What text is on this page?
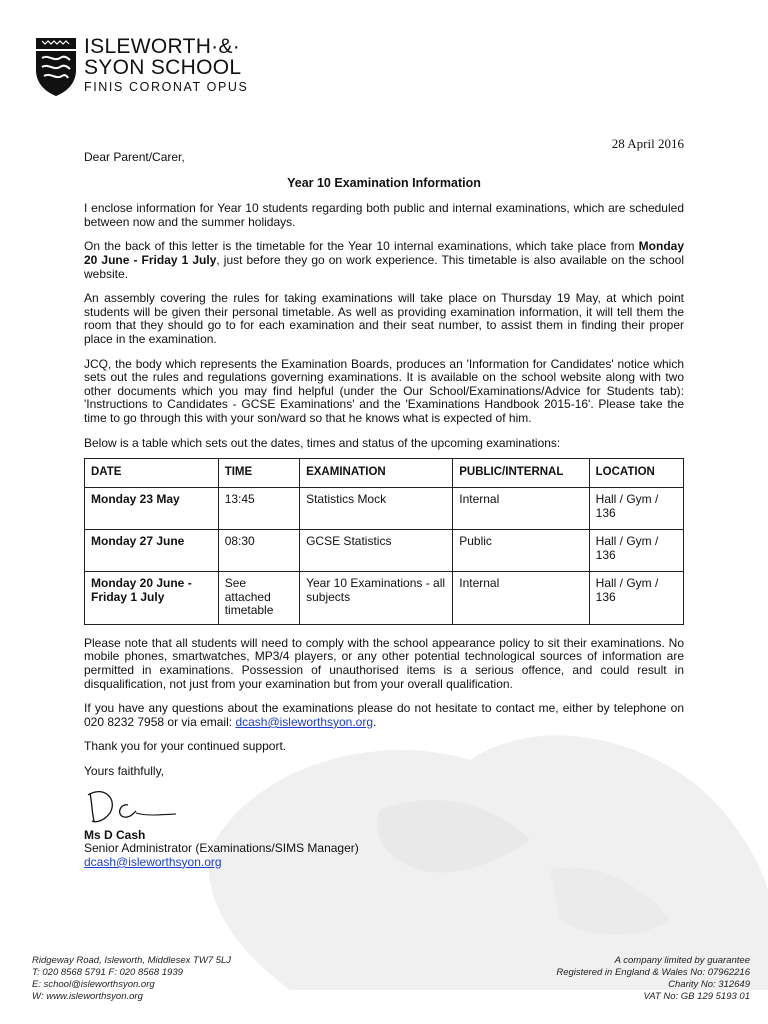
ISLEWORTH·&·
SYON SCHOOL
FINIS CORONAT OPUS
28 April 2016

Dear Parent/Carer,

Year 10 Examination Information

I enclose information for Year 10 students regarding both public and internal examinations, which are scheduled between now and the summer holidays.

On the back of this letter is the timetable for the Year 10 internal examinations, which take place from Monday 20 June - Friday 1 July, just before they go on work experience. This timetable is also available on the school website.

An assembly covering the rules for taking examinations will take place on Thursday 19 May, at which point students will be given their personal timetable. As well as providing examination information, it will tell them the room that they should go to for each examination and their seat number, to assist them in finding their proper place in the examination.

JCQ, the body which represents the Examination Boards, produces an 'Information for Candidates' notice which sets out the rules and regulations governing examinations. It is available on the school website along with two other documents which you may find helpful (under the Our School/Examinations/Advice for Students tab): 'Instructions to Candidates - GCSE Examinations' and the 'Examinations Handbook 2015-16'. Please take the time to go through this with your son/ward so that he knows what is expected of him.

Below is a table which sets out the dates, times and status of the upcoming examinations:

DATE	TIME	EXAMINATION	PUBLIC/INTERNAL	LOCATION
Monday 23 May	13:45	Statistics Mock	Internal	Hall / Gym / 136
Monday 27 June	08:30	GCSE Statistics	Public	Hall / Gym / 136
Monday 20 June - Friday 1 July	See attached timetable	Year 10 Examinations - all subjects	Internal	Hall / Gym / 136

Please note that all students will need to comply with the school appearance policy to sit their examinations. No mobile phones, smartwatches, MP3/4 players, or any other potential technological sources of information are permitted in examinations. Possession of unauthorised items is a serious offence, and could result in disqualification, not just from your examination but from your overall qualification.

If you have any questions about the examinations please do not hesitate to contact me, either by telephone on 020 8232 7958 or via email: dcash@isleworthsyon.org.

Thank you for your continued support.

Yours faithfully,

Ms D Cash
Senior Administrator (Examinations/SIMS Manager)
dcash@isleworthsyon.org
Ridgeway Road, Isleworth, Middlesex TW7 5LJ
T: 020 8568 5791 F: 020 8568 1939
E: school@isleworthsyon.org
W: www.isleworthsyon.org
A company limited by guarantee
Registered in England & Wales No: 07962216
Charity No: 312649
VAT No: GB 129 5193 01
